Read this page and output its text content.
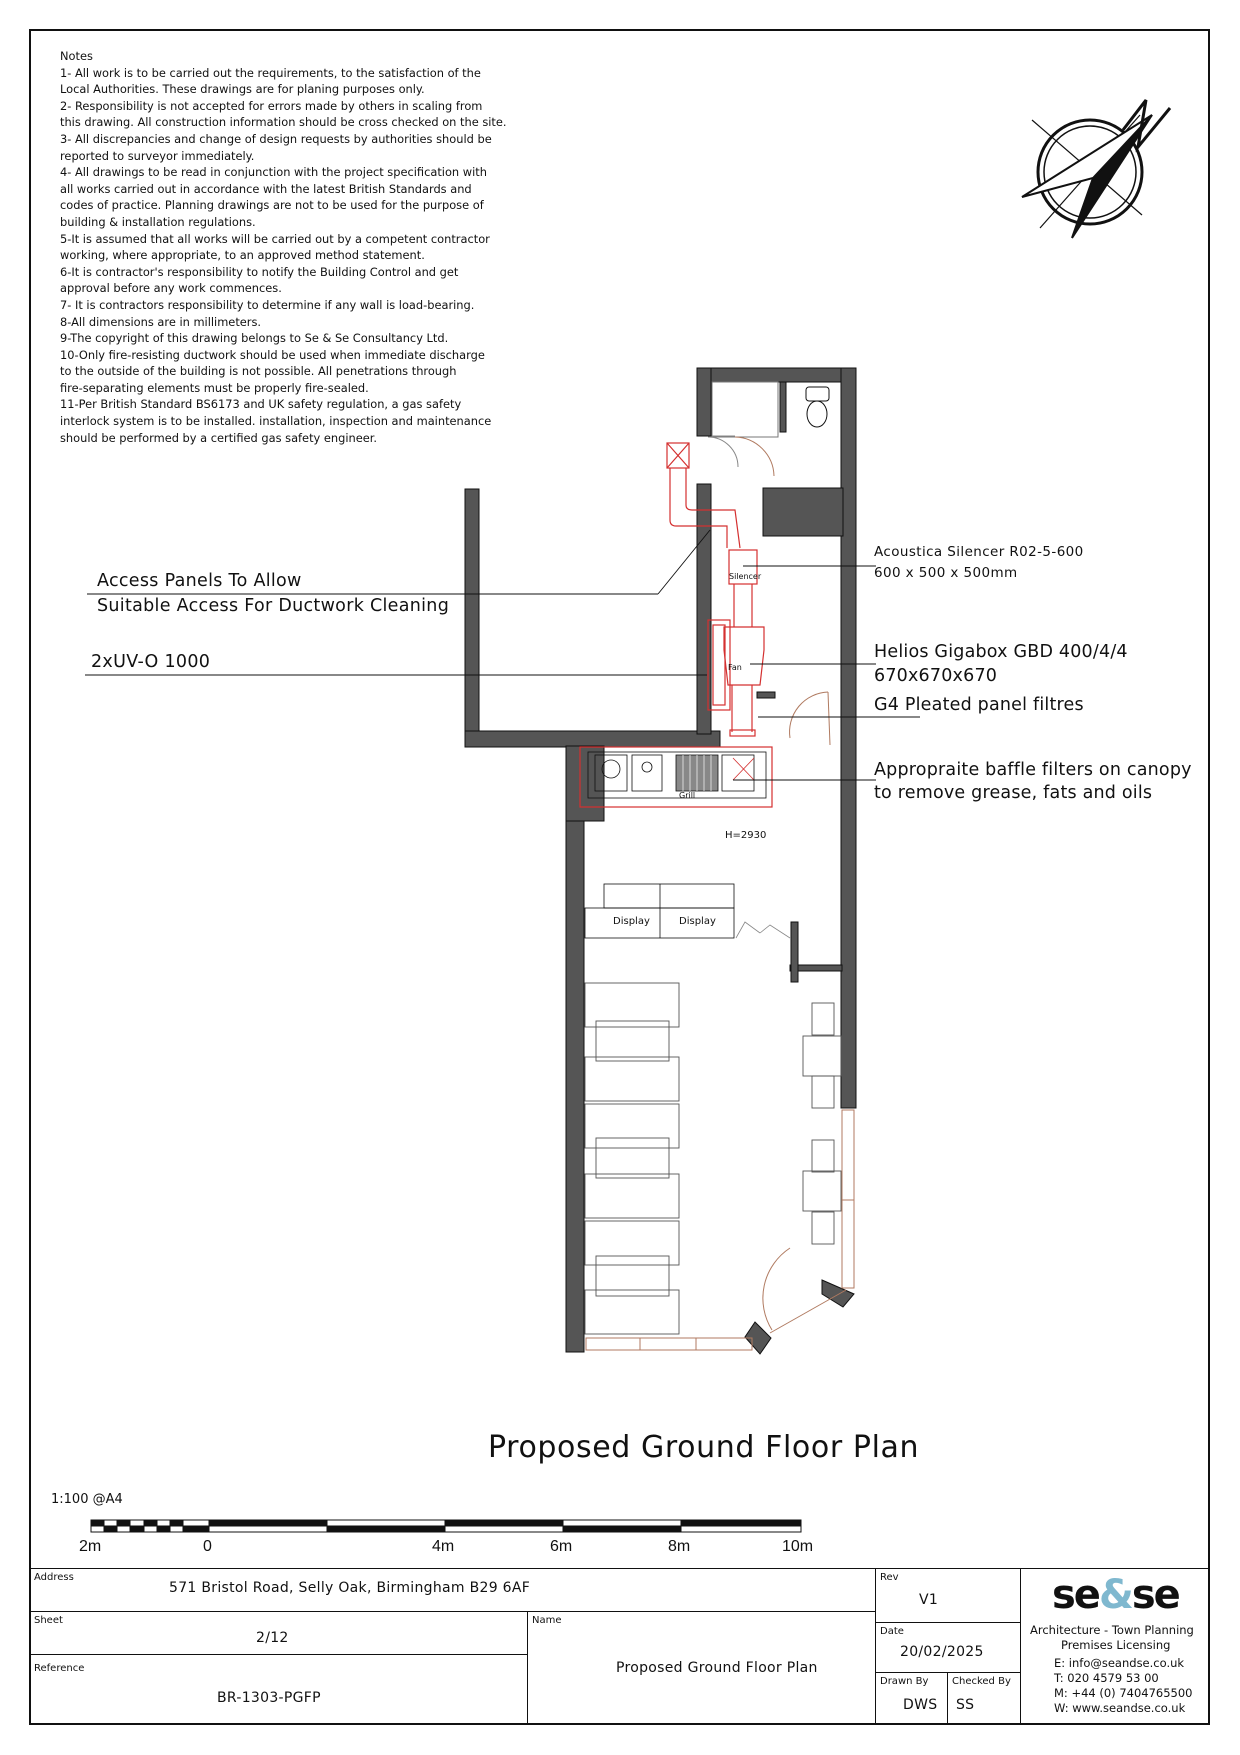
Notes
1- All work is to be carried out the requirements, to the satisfaction of the
Local Authorities. These drawings are for planing purposes only.
2- Responsibility is not accepted for errors made by others in scaling from
this drawing. All construction information should be cross checked on the site.
3- All discrepancies and change of design requests by authorities should be
reported to surveyor immediately.
4- All drawings to be read in conjunction with the project specification with
all works carried out in accordance with the latest British Standards and
codes of practice. Planning drawings are not to be used for the purpose of
building & installation regulations.
5-It is assumed that all works will be carried out by a competent contractor
working, where appropriate, to an approved method statement.
6-It is contractor's responsibility to notify the Building Control and get
approval before any work commences.
7- It is contractors responsibility to determine if any wall is load-bearing.
8-All dimensions are in millimeters.
9-The copyright of this drawing belongs to Se & Se Consultancy Ltd.
10-Only fire-resisting ductwork should be used when immediate discharge
to the outside of the building is not possible. All penetrations through
fire-separating elements must be properly fire-sealed.
11-Per British Standard BS6173 and UK safety regulation, a gas safety
interlock system is to be installed. installation, inspection and maintenance
should be performed by a certified gas safety engineer.
Access Panels To Allow
Suitable Access For Ductwork Cleaning
2xUV-O 1000
Acoustica Silencer R02-5-600
600 x 500 x 500mm
Helios Gigabox GBD 400/4/4
670x670x670
G4 Pleated panel filtres
Appropraite baffle filters on canopy
to remove grease, fats and oils
Silencer
Fan
Grill
H=2930
Display	Display
Proposed Ground Floor Plan
1:100 @A4
2m	0	4m	6m	8m	10m
Address
571 Bristol Road, Selly Oak, Birmingham B29 6AF
Sheet
2/12
Reference
BR-1303-PGFP
Name
Proposed Ground Floor Plan
Rev
V1
Date
20/02/2025
Drawn By
DWS
Checked By
SS
se&se
Architecture - Town Planning
Premises Licensing
E: info@seandse.co.uk
T: 020 4579 53 00
M: +44 (0) 7404765500
W: www.seandse.co.uk
